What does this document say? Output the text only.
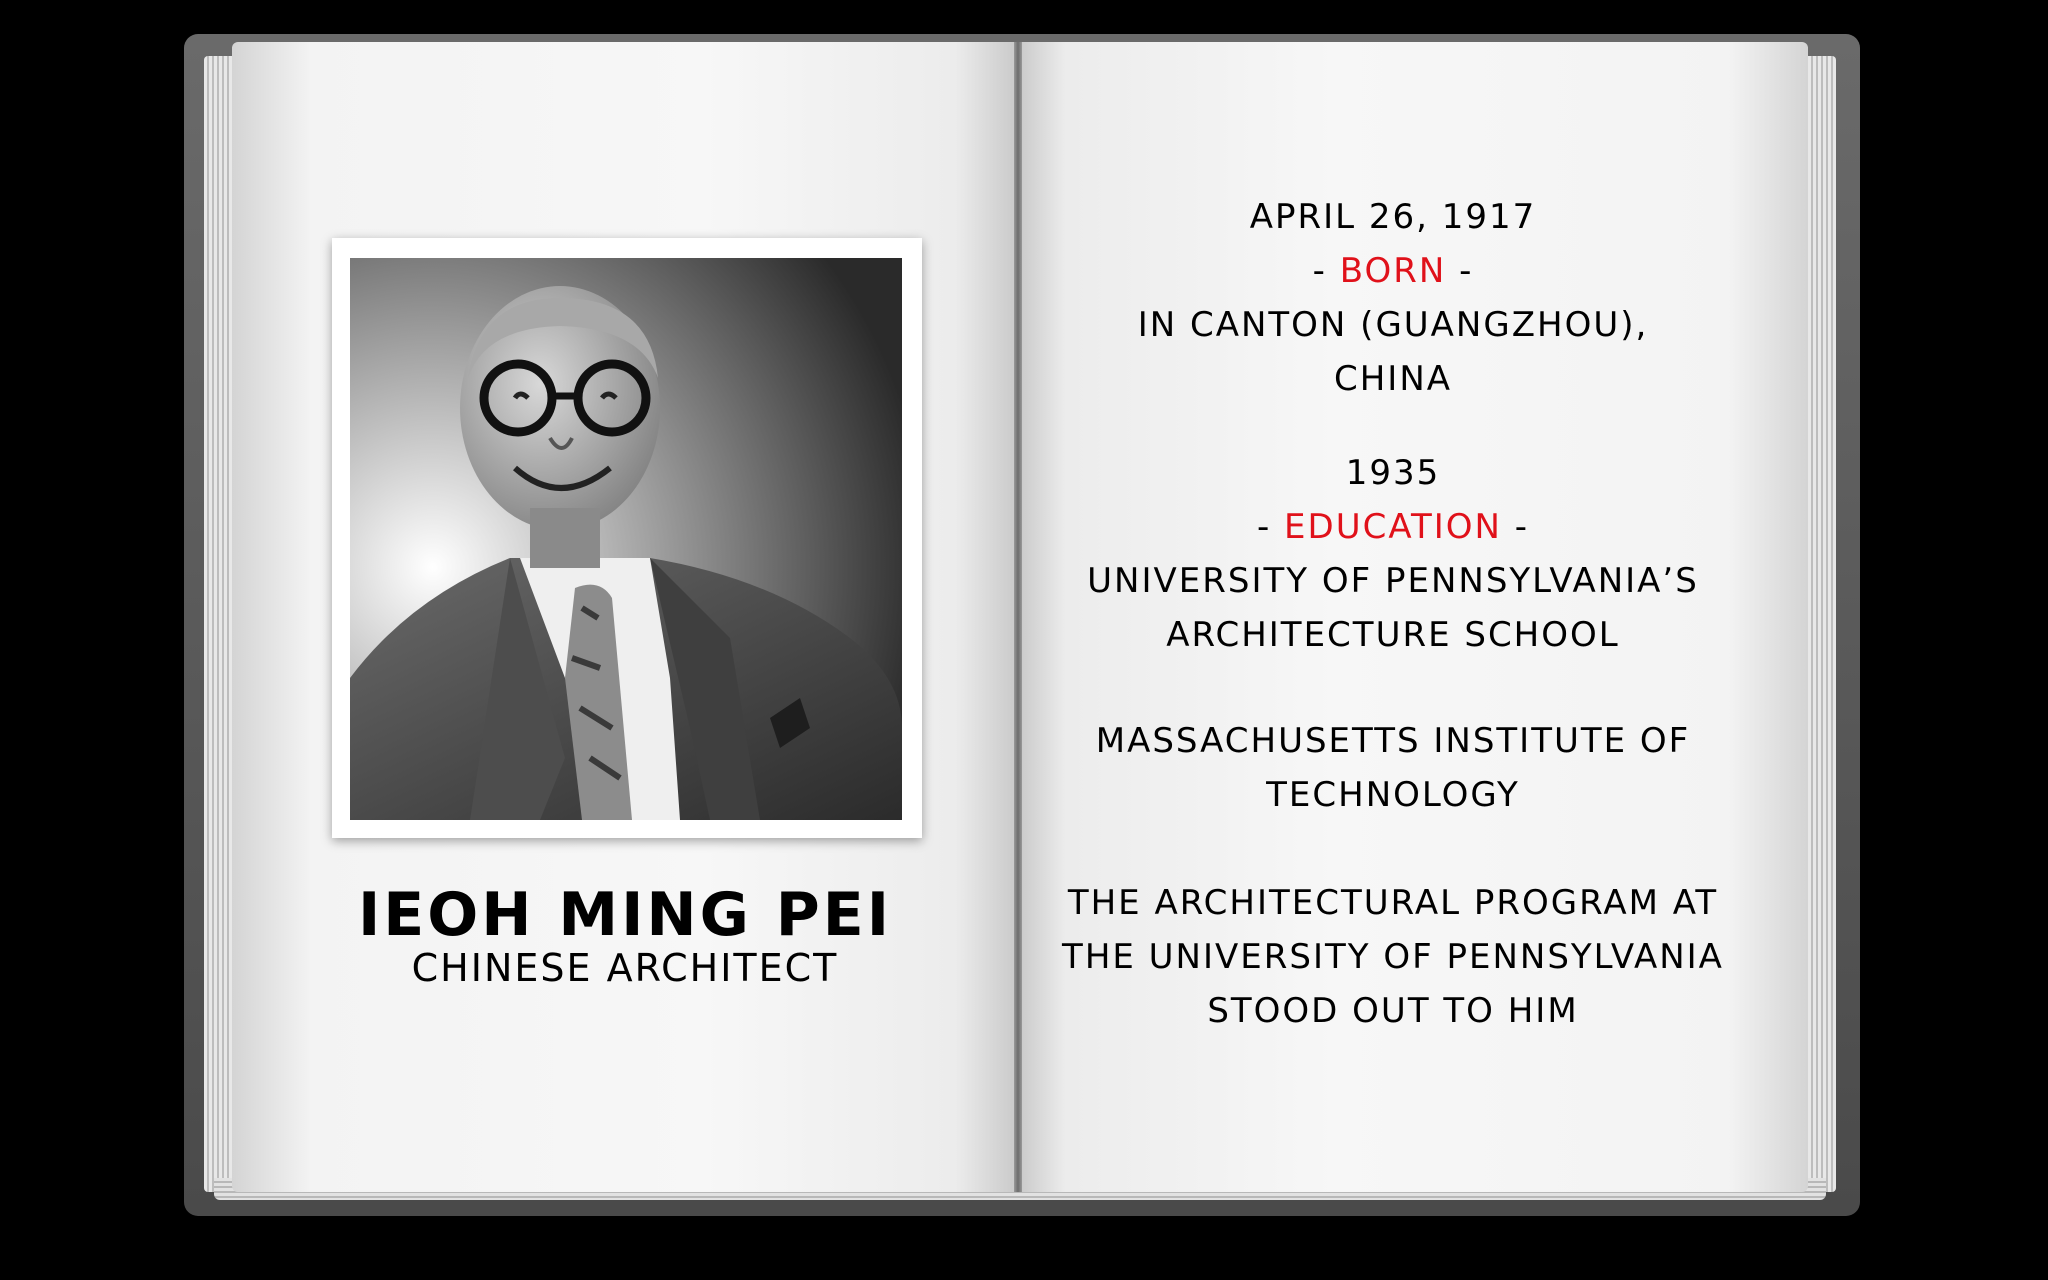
IEOH MING PEI
CHINESE ARCHITECT
APRIL 26, 1917
- BORN -
IN CANTON (GUANGZHOU),
CHINA
1935
- EDUCATION -
UNIVERSITY OF PENNSYLVANIA’S
ARCHITECTURE SCHOOL
MASSACHUSETTS INSTITUTE OF
TECHNOLOGY
THE ARCHITECTURAL PROGRAM AT
THE UNIVERSITY OF PENNSYLVANIA
STOOD OUT TO HIM
